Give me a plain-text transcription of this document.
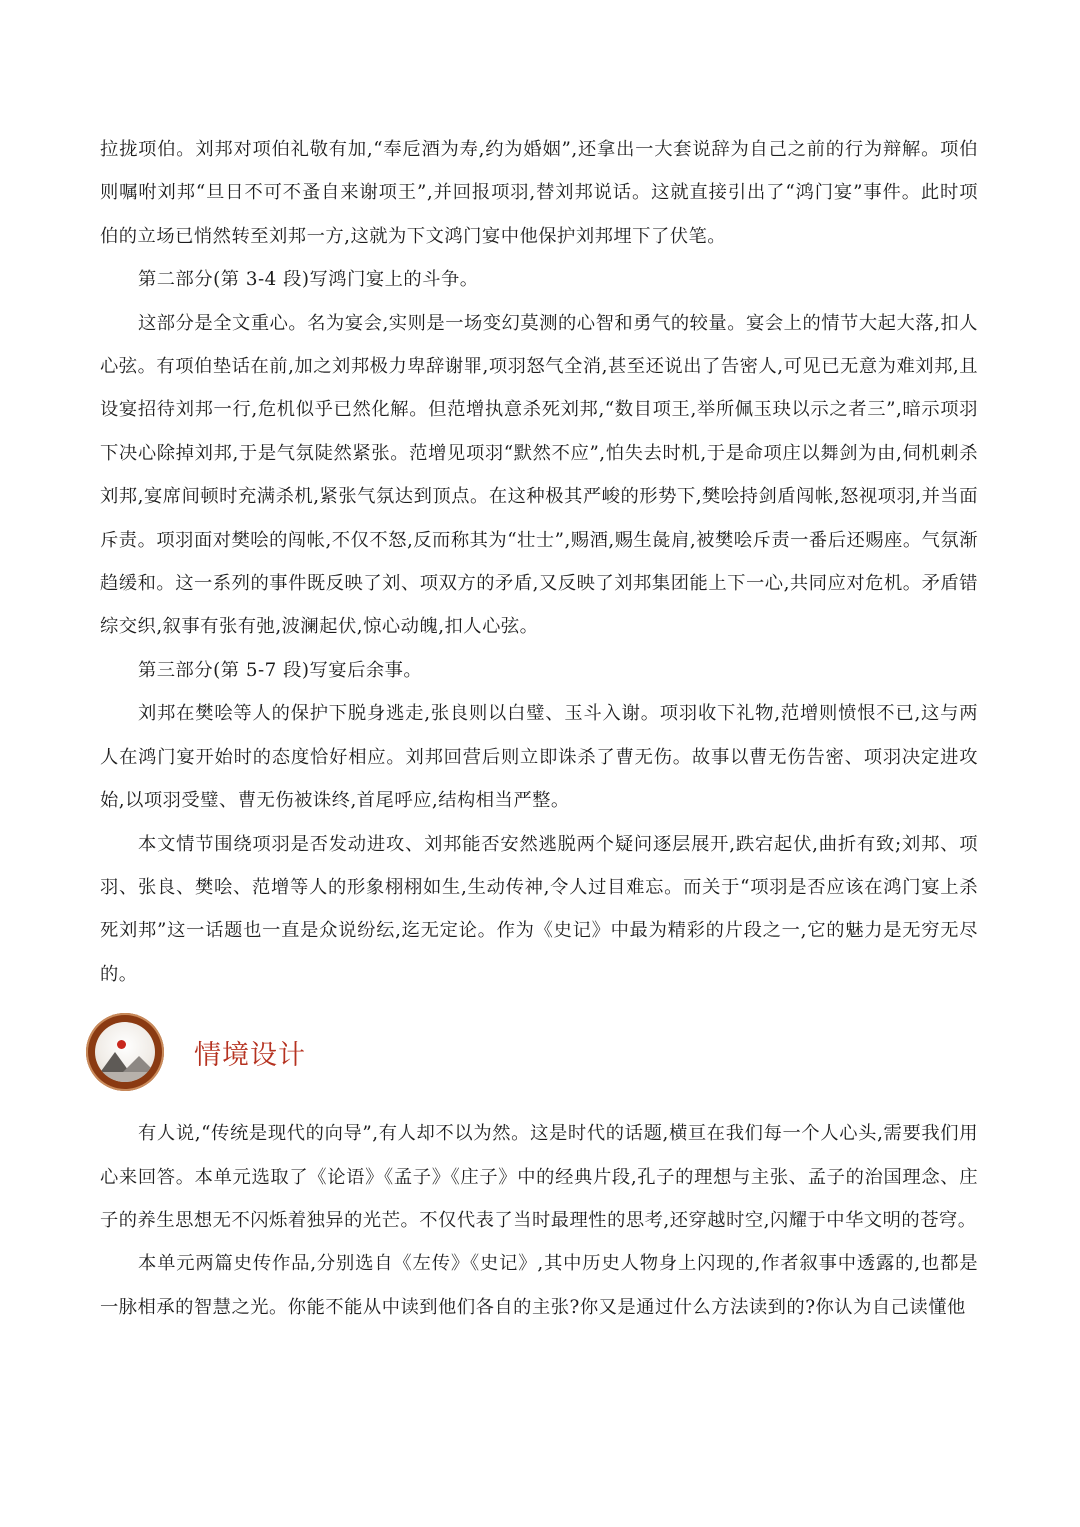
拉拢项伯。刘邦对项伯礼敬有加,“奉卮酒为寿,约为婚姻”,还拿出一大套说辞为自己之前的行为辩解。项伯则嘱咐刘邦“旦日不可不蚤自来谢项王”,并回报项羽,替刘邦说话。这就直接引出了“鸿门宴”事件。此时项伯的立场已悄然转至刘邦一方,这就为下文鸿门宴中他保护刘邦埋下了伏笔。

第二部分(第 3-4 段)写鸿门宴上的斗争。

这部分是全文重心。名为宴会,实则是一场变幻莫测的心智和勇气的较量。宴会上的情节大起大落,扣人心弦。有项伯垫话在前,加之刘邦极力卑辞谢罪,项羽怒气全消,甚至还说出了告密人,可见已无意为难刘邦,且设宴招待刘邦一行,危机似乎已然化解。但范增执意杀死刘邦,“数目项王,举所佩玉玦以示之者三”,暗示项羽下决心除掉刘邦,于是气氛陡然紧张。范增见项羽“默然不应”,怕失去时机,于是命项庄以舞剑为由,伺机刺杀刘邦,宴席间顿时充满杀机,紧张气氛达到顶点。在这种极其严峻的形势下,樊哙持剑盾闯帐,怒视项羽,并当面斥责。项羽面对樊哙的闯帐,不仅不怒,反而称其为“壮士”,赐酒,赐生彘肩,被樊哙斥责一番后还赐座。气氛渐趋缓和。这一系列的事件既反映了刘、项双方的矛盾,又反映了刘邦集团能上下一心,共同应对危机。矛盾错综交织,叙事有张有弛,波澜起伏,惊心动魄,扣人心弦。

第三部分(第 5-7 段)写宴后余事。

刘邦在樊哙等人的保护下脱身逃走,张良则以白璧、玉斗入谢。项羽收下礼物,范增则愤恨不已,这与两人在鸿门宴开始时的态度恰好相应。刘邦回营后则立即诛杀了曹无伤。故事以曹无伤告密、项羽决定进攻始,以项羽受璧、曹无伤被诛终,首尾呼应,结构相当严整。

本文情节围绕项羽是否发动进攻、刘邦能否安然逃脱两个疑问逐层展开,跌宕起伏,曲折有致;刘邦、项羽、张良、樊哙、范增等人的形象栩栩如生,生动传神,令人过目难忘。而关于“项羽是否应该在鸿门宴上杀死刘邦”这一话题也一直是众说纷纭,迄无定论。作为《史记》中最为精彩的片段之一,它的魅力是无穷无尽的。

情境设计

有人说,“传统是现代的向导”,有人却不以为然。这是时代的话题,横亘在我们每一个人心头,需要我们用心来回答。本单元选取了《论语》《孟子》《庄子》中的经典片段,孔子的理想与主张、孟子的治国理念、庄子的养生思想无不闪烁着独异的光芒。不仅代表了当时最理性的思考,还穿越时空,闪耀于中华文明的苍穹。

本单元两篇史传作品,分别选自《左传》《史记》,其中历史人物身上闪现的,作者叙事中透露的,也都是一脉相承的智慧之光。你能不能从中读到他们各自的主张?你又是通过什么方法读到的?你认为自己读懂他
